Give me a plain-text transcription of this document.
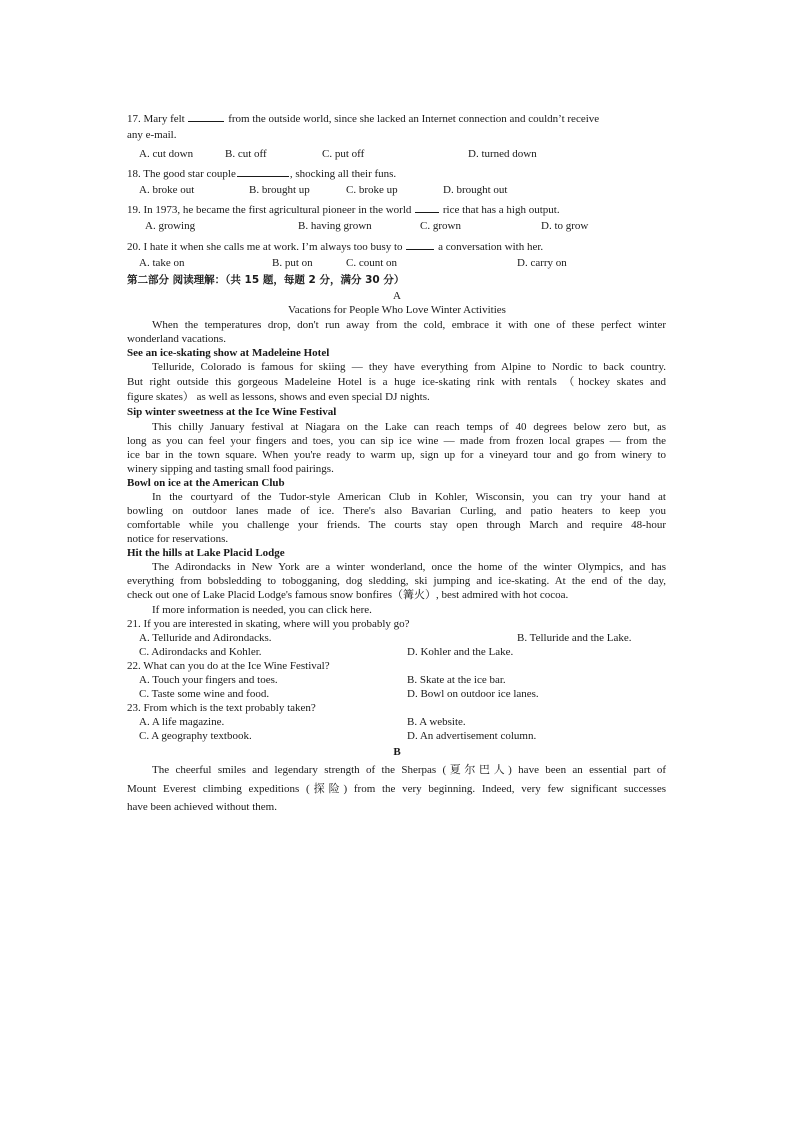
17. Mary felt	from the outside world, since she lacked an Internet connection and couldn’t receive
any e-mail.
A. cut down	B. cut off	C. put off	D. turned down
18. The good star couple	, shocking all their funs.
A. broke out	B. brought up	C. broke up	D. brought out
19. In 1973, he became the first agricultural pioneer in the world	rice that has a high output.
A. growing	B. having grown	C. grown	D. to grow
20. I hate it when she calls me at work. I’m always too busy to	a conversation with her.
A. take on	B. put on	C. count on	D. carry on
第二部分 阅读理解：（共 15 题，每题 2 分，满分 30 分）
A
Vacations for People Who Love Winter Activities
When the temperatures drop, don't run away from the cold, embrace it with one of these perfect winter
wonderland vacations.
See an ice-skating show at Madeleine Hotel
Telluride, Colorado is famous for skiing — they have everything from Alpine to Nordic to back country.
But right outside this gorgeous Madeleine Hotel is a huge ice-skating rink with rentals （hockey skates and
figure skates） as well as lessons, shows and even special DJ nights.
Sip winter sweetness at the Ice Wine Festival
This chilly January festival at Niagara on the Lake can reach temps of 40 degrees below zero but, as
long as you can feel your fingers and toes, you can sip ice wine — made from frozen local grapes — from the
ice bar in the town square. When you're ready to warm up, sign up for a vineyard tour and go from winery to
winery sipping and tasting small food pairings.
Bowl on ice at the American Club
In the courtyard of the Tudor-style American Club in Kohler, Wisconsin, you can try your hand at
bowling on outdoor lanes made of ice. There's also Bavarian Curling, and patio heaters to keep you
comfortable while you challenge your friends. The courts stay open through March and require 48-hour
notice for reservations.
Hit the hills at Lake Placid Lodge
The Adirondacks in New York are a winter wonderland, once the home of the winter Olympics, and has
everything from bobsledding to tobogganing, dog sledding, ski jumping and ice-skating. At the end of the day,
check out one of Lake Placid Lodge's famous snow bonfires（篝火）, best admired with hot cocoa.
If more information is needed, you can click here.
21. If you are interested in skating, where will you probably go?
A. Telluride and Adirondacks.	B. Telluride and the Lake.
C. Adirondacks and Kohler.	D. Kohler and the Lake.
22. What can you do at the Ice Wine Festival?
A. Touch your fingers and toes.	B. Skate at the ice bar.
C. Taste some wine and food.	D. Bowl on outdoor ice lanes.
23. From which is the text probably taken?
A. A life magazine.	B. A website.
C. A geography textbook.	D. An advertisement column.
B
The cheerful smiles and legendary strength of the Sherpas (夏尔巴人) have been an essential part of
Mount Everest climbing expeditions (探险) from the very beginning. Indeed, very few significant successes
have been achieved without them.
